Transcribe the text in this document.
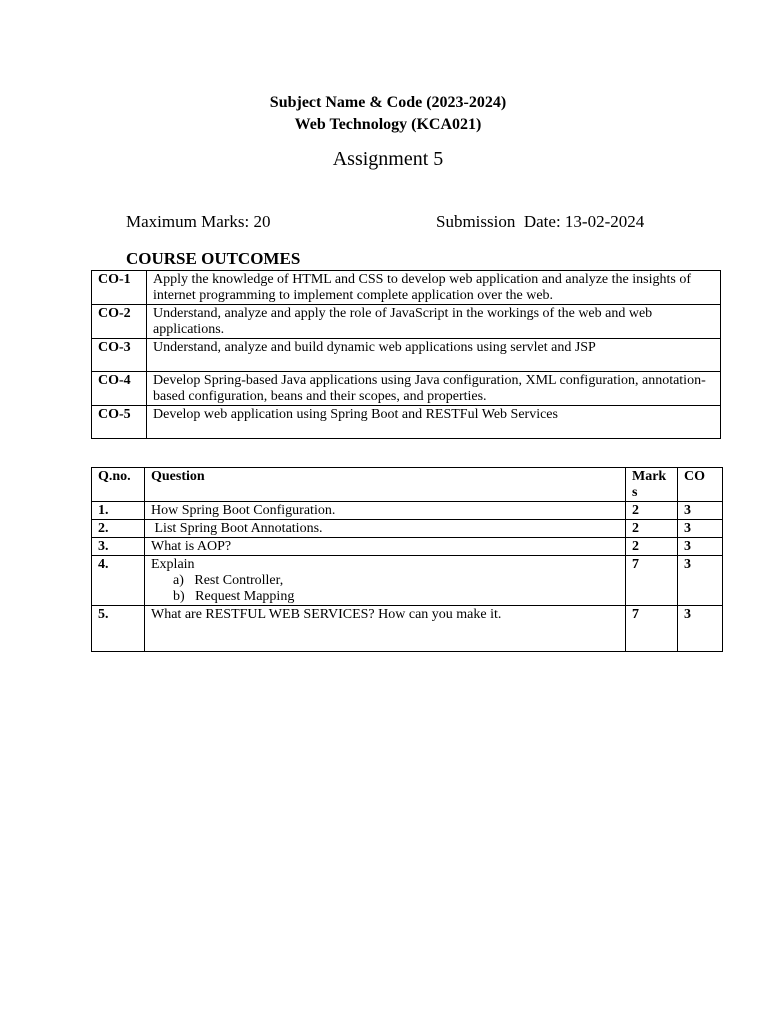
Subject Name & Code (2023-2024)
Web Technology (KCA021)
Assignment 5
Maximum Marks: 20	Submission  Date: 13-02-2024
COURSE OUTCOMES
CO-1	Apply the knowledge of HTML and CSS to develop web application and analyze the insights of internet programming to implement complete application over the web.
CO-2	Understand, analyze and apply the role of JavaScript in the workings of the web and web applications.
CO-3	Understand, analyze and build dynamic web applications using servlet and JSP
CO-4	Develop Spring-based Java applications using Java configuration, XML configuration, annotation-based configuration, beans and their scopes, and properties.
CO-5	Develop web application using Spring Boot and RESTFul Web Services
Q.no.	Question	Mark s	CO
1.	How Spring Boot Configuration.	2	3
2.	List Spring Boot Annotations.	2	3
3.	What is AOP?	2	3
4.	Explain
a)   Rest Controller,
b)   Request Mapping	7	3
5.	What are RESTFUL WEB SERVICES? How can you make it.	7	3
